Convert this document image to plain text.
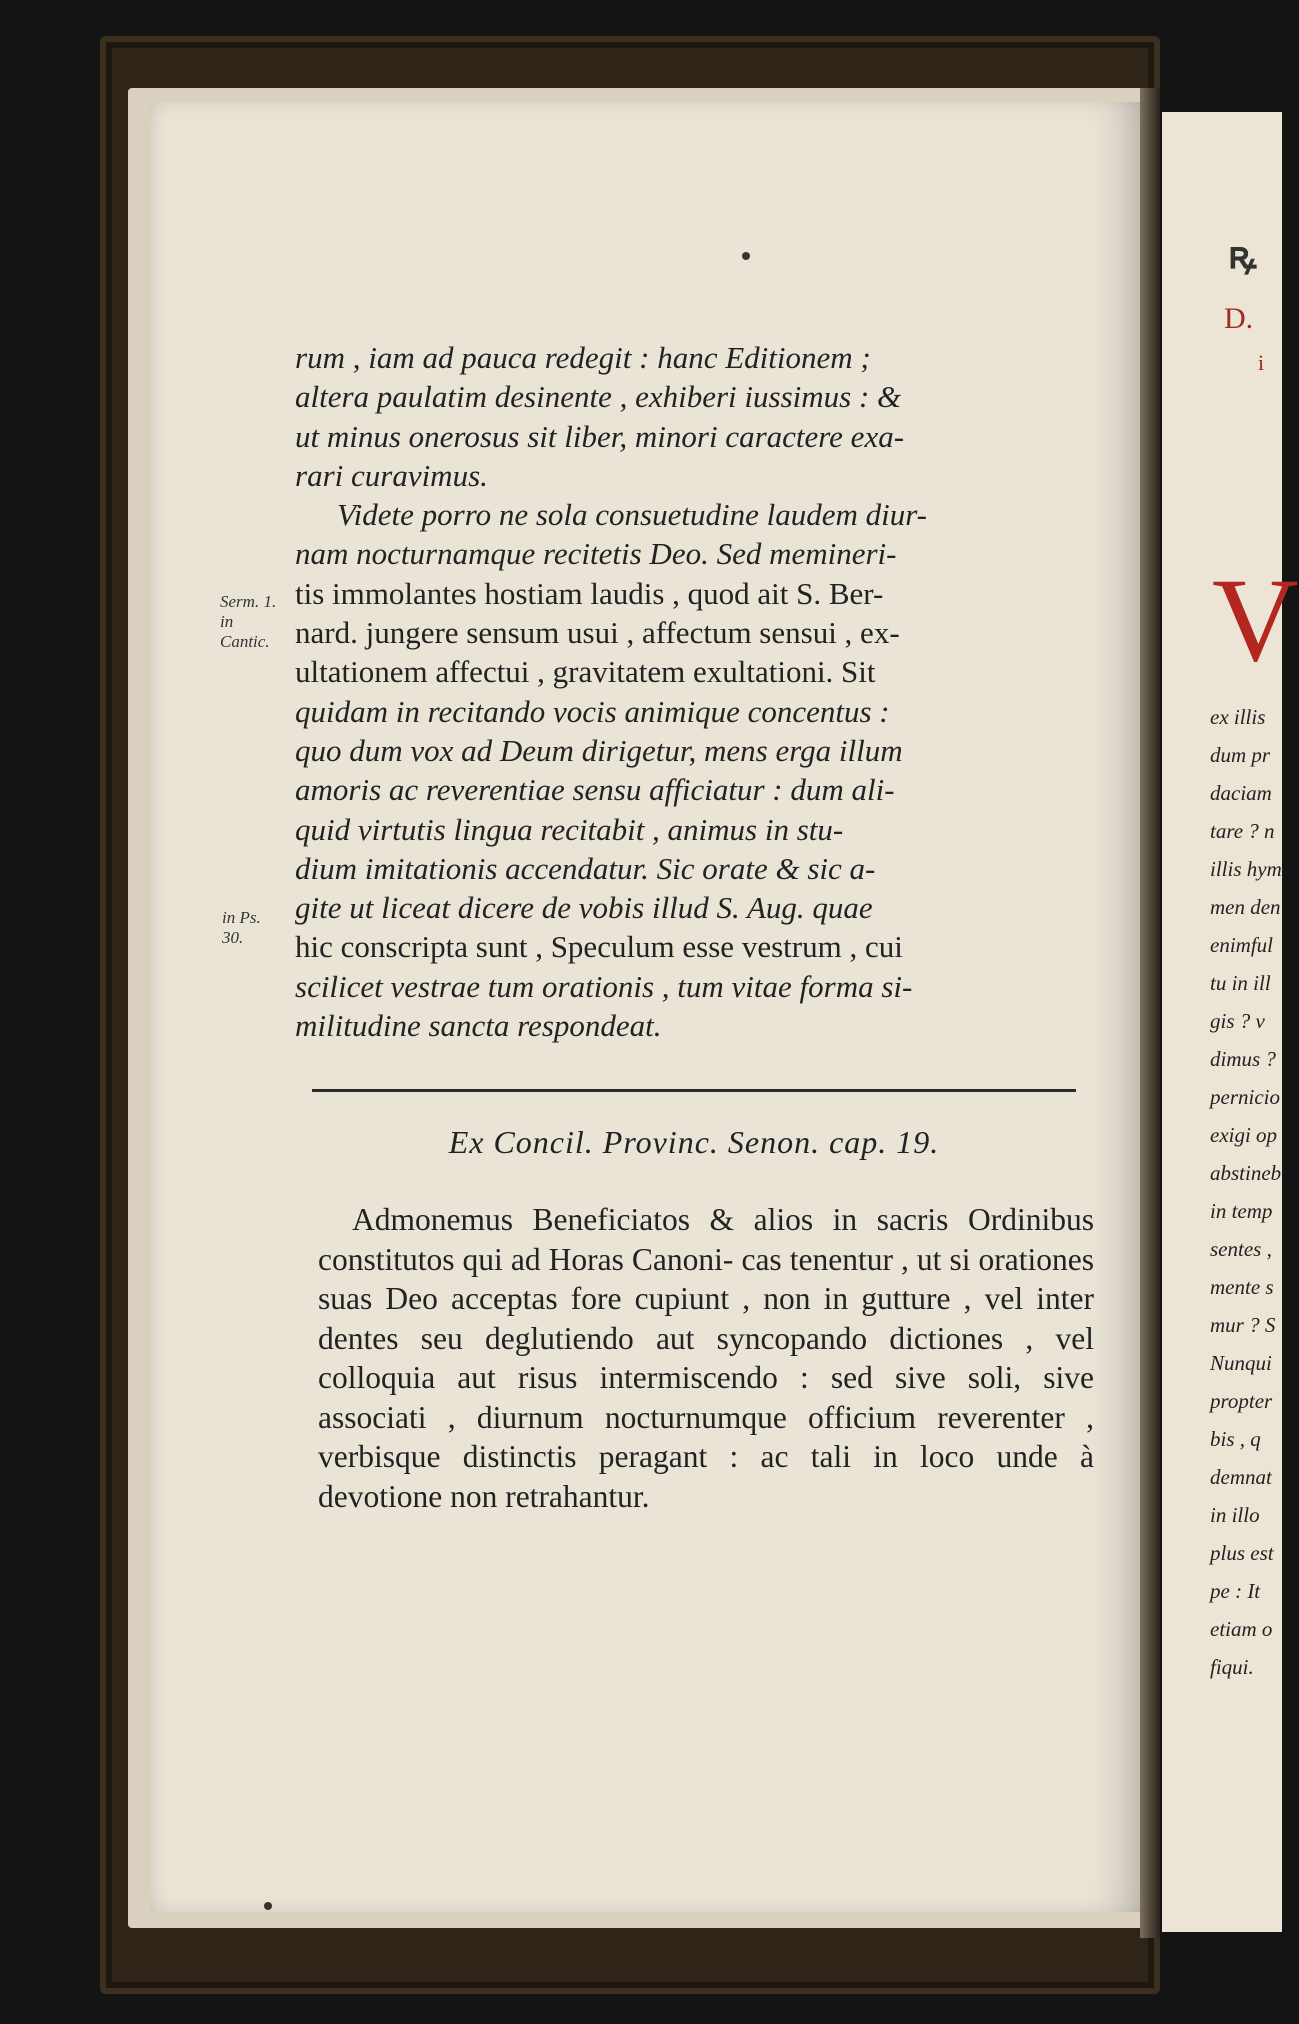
rum , iam ad pauca redegit : hanc Editionem ;

altera paulatim desinente , exhiberi iussimus : &

ut minus onerosus sit liber, minori caractere exa-

rari curavimus.

Videte porro ne sola consuetudine laudem diur-

nam nocturnamque recitetis Deo. Sed memineri-

tis immolantes hostiam laudis , quod ait S. Ber-

nard. jungere sensum usui , affectum sensui , ex-

ultationem affectui , gravitatem exultationi. Sit

quidam in recitando vocis animique concentus :

quo dum vox ad Deum dirigetur, mens erga illum

amoris ac reverentiae sensu afficiatur : dum ali-

quid virtutis lingua recitabit , animus in stu-

dium imitationis accendatur. Sic orate & sic a-

gite ut liceat dicere de vobis illud S. Aug. quae

hic conscripta sunt , Speculum esse vestrum , cui

scilicet vestrae tum orationis , tum vitae forma si-

militudine sancta respondeat.

Serm. 1. in Cantic.
in Ps. 30.
Ex Concil. Provinc. Senon. cap. 19.

Admonemus Beneficiatos & alios in sacris Ordinibus constitutos qui ad Horas Canoni- cas tenentur , ut si orationes suas Deo acceptas fore cupiunt , non in gutture , vel inter dentes seu deglutiendo aut syncopando dictiones , vel colloquia aut risus intermiscendo : sed sive soli, sive associati , diurnum nocturnumque officium reverenter , verbisque distinctis peragant : ac tali in loco unde à devotione non retrahantur.

ꝶ
D.
i
V
ex illis
dum pr
daciam
tare ? n
illis hym
men den
enimful
tu in ill
gis ? v
dimus ?
pernicio
exigi op
abstineb
in temp
sentes ,
mente s
mur ? S
Nunqui
propter
bis , q
demnat
in illo
plus est
pe : It
etiam o
fiqui.
